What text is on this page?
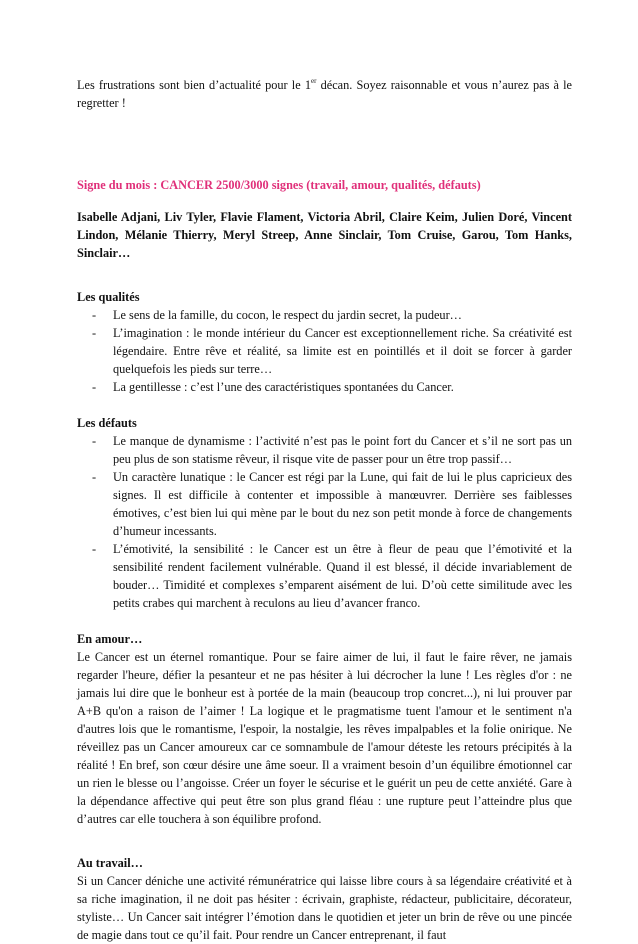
Les frustrations sont bien d’actualité pour le 1er décan. Soyez raisonnable et vous n’aurez pas à le regretter !

Signe du mois : CANCER 2500/3000 signes (travail, amour, qualités, défauts)

Isabelle Adjani, Liv Tyler, Flavie Flament, Victoria Abril, Claire Keim, Julien Doré, Vincent Lindon, Mélanie Thierry, Meryl Streep, Anne Sinclair, Tom Cruise, Garou, Tom Hanks, Sinclair…

Les qualités

- Le sens de la famille, du cocon, le respect du jardin secret, la pudeur…
- L’imagination : le monde intérieur du Cancer est exceptionnellement riche. Sa créativité est légendaire. Entre rêve et réalité, sa limite est en pointillés et il doit se forcer à garder quelquefois les pieds sur terre…
- La gentillesse : c’est l’une des caractéristiques spontanées du Cancer.

Les défauts

- Le manque de dynamisme : l’activité n’est pas le point fort du Cancer et s’il ne sort pas un peu plus de son statisme rêveur, il risque vite de passer pour un être trop passif…
- Un caractère lunatique : le Cancer est régi par la Lune, qui fait de lui le plus capricieux des signes. Il est difficile à contenter et impossible à manœuvrer. Derrière ses faiblesses émotives, c’est bien lui qui mène par le bout du nez son petit monde à force de changements d’humeur incessants.
- L’émotivité, la sensibilité : le Cancer est un être à fleur de peau que l’émotivité et la sensibilité rendent facilement vulnérable. Quand il est blessé, il décide invariablement de bouder… Timidité et complexes s’emparent aisément de lui. D’où cette similitude avec les petits crabes qui marchent à reculons au lieu d’avancer franco.

En amour…

Le Cancer est un éternel romantique. Pour se faire aimer de lui, il faut le faire rêver, ne jamais regarder l'heure, défier la pesanteur et ne pas hésiter à lui décrocher la lune ! Les règles d'or : ne jamais lui dire que le bonheur est à portée de la main (beaucoup trop concret...), ni lui prouver par A+B qu'on a raison de l’aimer ! La logique et le pragmatisme tuent l'amour et le sentiment n'a d'autres lois que le romantisme, l'espoir, la nostalgie, les rêves impalpables et la folie onirique. Ne réveillez pas un Cancer amoureux car ce somnambule de l'amour déteste les retours précipités à la réalité ! En bref, son cœur désire une âme soeur. Il a vraiment besoin d’un équilibre émotionnel car un rien le blesse ou l’angoisse. Créer un foyer le sécurise et le guérit un peu de cette anxiété. Gare à la dépendance affective qui peut être son plus grand fléau : une rupture peut l’atteindre plus que d’autres car elle touchera à son équilibre profond.

Au travail…

Si un Cancer déniche une activité rémunératrice qui laisse libre cours à sa légendaire créativité et à sa riche imagination, il ne doit pas hésiter : écrivain, graphiste, rédacteur, publicitaire, décorateur, styliste… Un Cancer sait intégrer l’émotion dans le quotidien et jeter un brin de rêve ou une pincée de magie dans tout ce qu’il fait. Pour rendre un Cancer entreprenant, il faut
